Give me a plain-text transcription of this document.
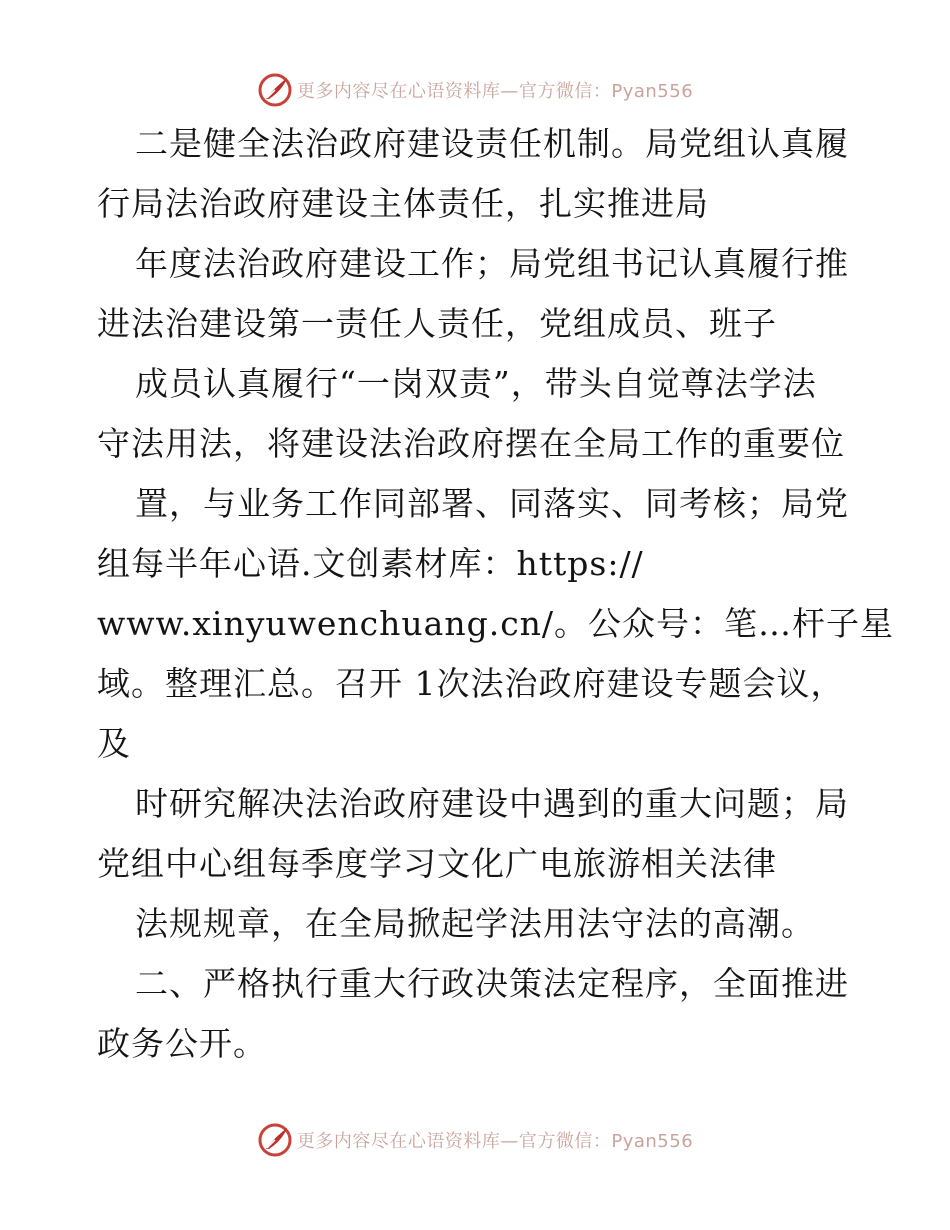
更多内容尽在心语资料库—官方微信：Pyan556
二是健全法治政府建设责任机制。局党组认真履
行局法治政府建设主体责任，扎实推进局
年度法治政府建设工作；局党组书记认真履行推
进法治建设第一责任人责任，党组成员、班子
成员认真履行“一岗双责”，带头自觉尊法学法
守法用法，将建设法治政府摆在全局工作的重要位
置，与业务工作同部署、同落实、同考核；局党
组每半年心语.文创素材库：https://
www.xinyuwenchuang.cn/。公众号：笔…杆子星
域。整理汇总。召开 1次法治政府建设专题会议，
及
时研究解决法治政府建设中遇到的重大问题；局
党组中心组每季度学习文化广电旅游相关法律
法规规章，在全局掀起学法用法守法的高潮。
二、严格执行重大行政决策法定程序，全面推进
政务公开。
更多内容尽在心语资料库—官方微信：Pyan556
